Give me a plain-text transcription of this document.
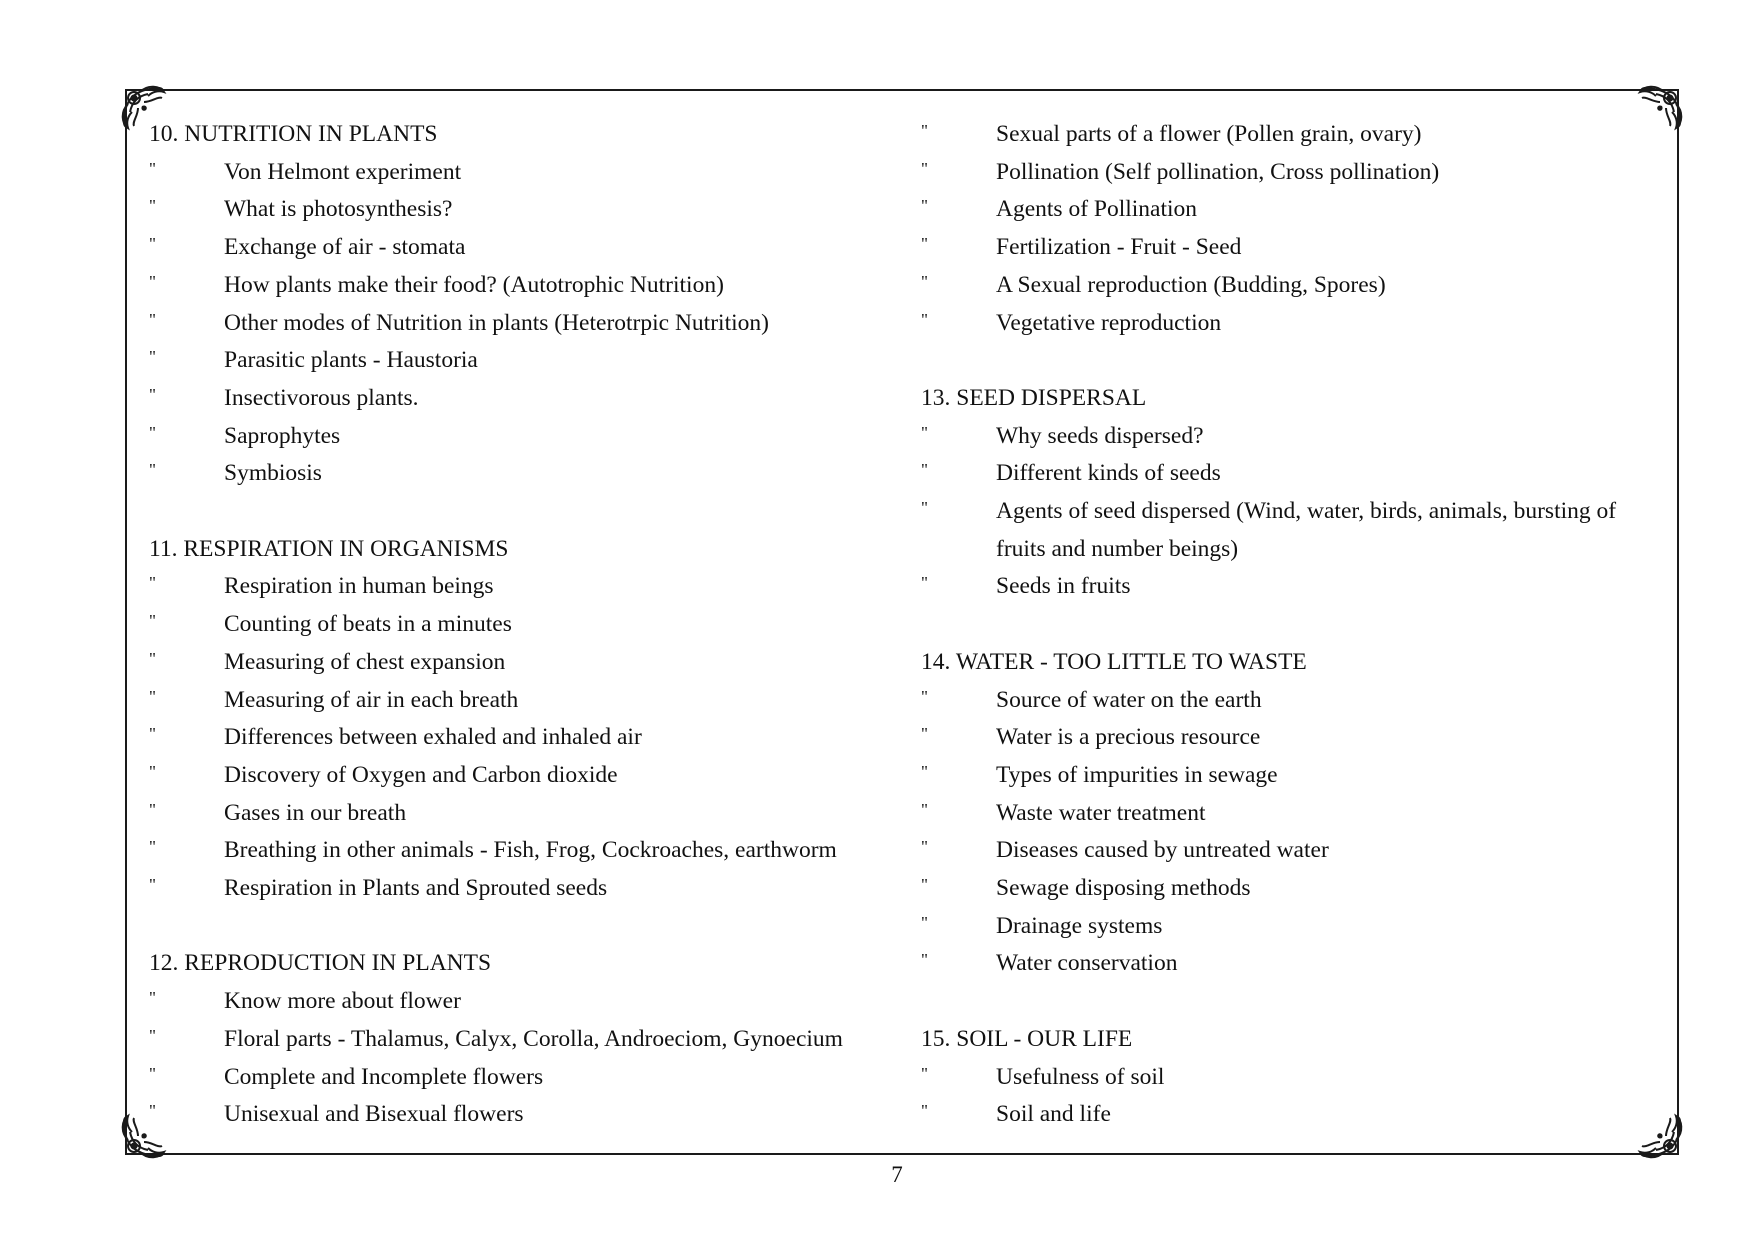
10. NUTRITION IN PLANTS
"	Von Helmont experiment
"	What is photosynthesis?
"	Exchange of air - stomata
"	How plants make their food? (Autotrophic Nutrition)
"	Other modes of Nutrition in plants (Heterotrpic Nutrition)
"	Parasitic plants - Haustoria
"	Insectivorous plants.
"	Saprophytes
"	Symbiosis
11. RESPIRATION IN ORGANISMS
"	Respiration in human beings
"	Counting of beats in a minutes
"	Measuring of chest expansion
"	Measuring of air in each breath
"	Differences between exhaled and inhaled air
"	Discovery of Oxygen and Carbon dioxide
"	Gases in our breath
"	Breathing in other animals - Fish, Frog, Cockroaches, earthworm
"	Respiration in Plants and Sprouted seeds
12. REPRODUCTION IN PLANTS
"	Know more about flower
"	Floral parts - Thalamus, Calyx, Corolla, Androeciom, Gynoecium
"	Complete and Incomplete flowers
"	Unisexual and Bisexual flowers
"	Sexual parts of a flower (Pollen grain, ovary)
"	Pollination (Self pollination, Cross pollination)
"	Agents of Pollination
"	Fertilization - Fruit - Seed
"	A Sexual reproduction (Budding, Spores)
"	Vegetative reproduction
13. SEED DISPERSAL
"	Why seeds dispersed?
"	Different kinds of seeds
"	Agents of seed dispersed (Wind, water, birds, animals, bursting of fruits and number beings)
"	Seeds in fruits
14. WATER - TOO LITTLE TO WASTE
"	Source of water on the earth
"	Water is a precious resource
"	Types of impurities in sewage
"	Waste water treatment
"	Diseases caused by untreated water
"	Sewage disposing methods
"	Drainage systems
"	Water conservation
15. SOIL - OUR LIFE
"	Usefulness of soil
"	Soil and life
7
